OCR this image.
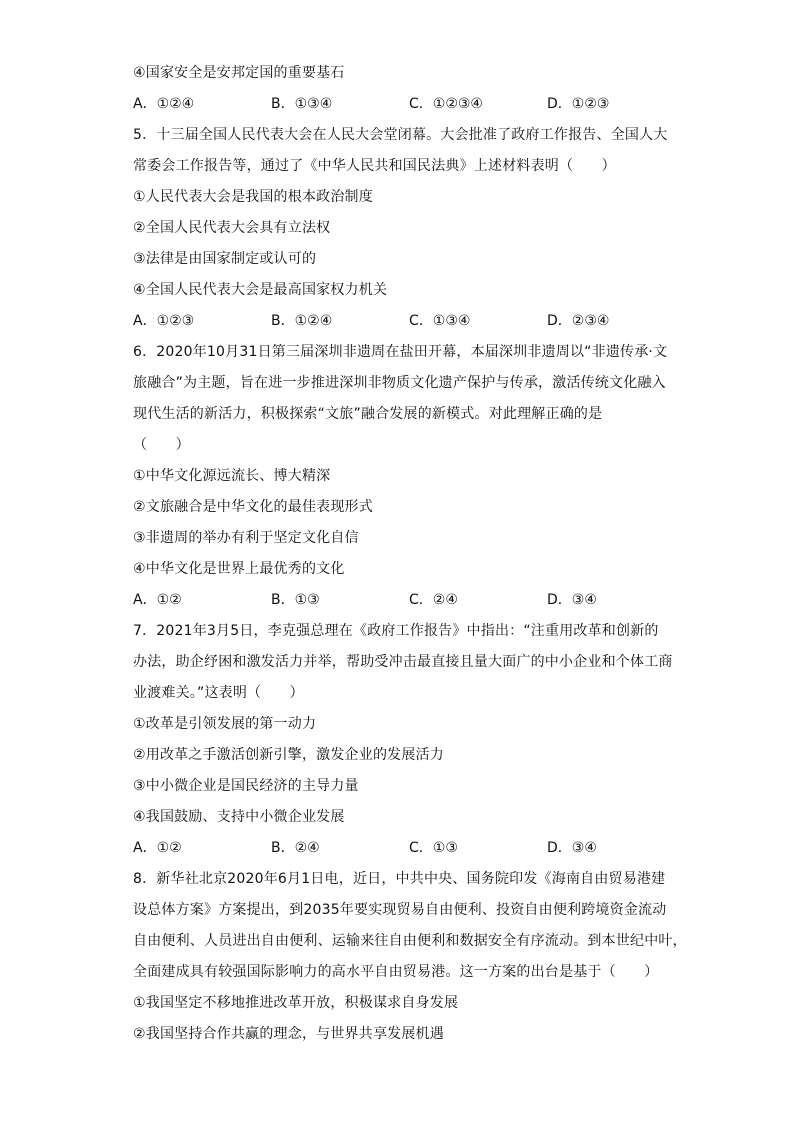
④国家安全是安邦定国的重要基石
A．①②④	B．①③④	C．①②③④	D．①②③
5．十三届全国人民代表大会在人民大会堂闭幕。大会批准了政府工作报告、全国人大
常委会工作报告等，通过了《中华人民共和国民法典》上述材料表明（　　）
①人民代表大会是我国的根本政治制度
②全国人民代表大会具有立法权
③法律是由国家制定或认可的
④全国人民代表大会是最高国家权力机关
A．①②③	B．①②④	C．①③④	D．②③④
6．2020年10月31日第三届深圳非遗周在盐田开幕，本届深圳非遗周以“非遗传承·文
旅融合”为主题，旨在进一步推进深圳非物质文化遗产保护与传承，激活传统文化融入
现代生活的新活力，积极探索“文旅”融合发展的新模式。对此理解正确的是
（　　）
①中华文化源远流长、博大精深
②文旅融合是中华文化的最佳表现形式
③非遗周的举办有利于坚定文化自信
④中华文化是世界上最优秀的文化
A．①②	B．①③	C．②④	D．③④
7．2021年3月5日，李克强总理在《政府工作报告》中指出：“注重用改革和创新的
办法，助企纾困和激发活力并举，帮助受冲击最直接且量大面广的中小企业和个体工商
业渡难关。”这表明（　　）
①改革是引领发展的第一动力
②用改革之手激活创新引擎，激发企业的发展活力
③中小微企业是国民经济的主导力量
④我国鼓励、支持中小微企业发展
A．①②	B．②④	C．①③	D．③④
8．新华社北京2020年6月1日电，近日，中共中央、国务院印发《海南自由贸易港建
设总体方案》方案提出，到2035年要实现贸易自由便利、投资自由便利跨境资金流动
自由便利、人员进出自由便利、运输来往自由便利和数据安全有序流动。到本世纪中叶，
全面建成具有较强国际影响力的高水平自由贸易港。这一方案的出台是基于（　　）
①我国坚定不移地推进改革开放，积极谋求自身发展
②我国坚持合作共赢的理念，与世界共享发展机遇
